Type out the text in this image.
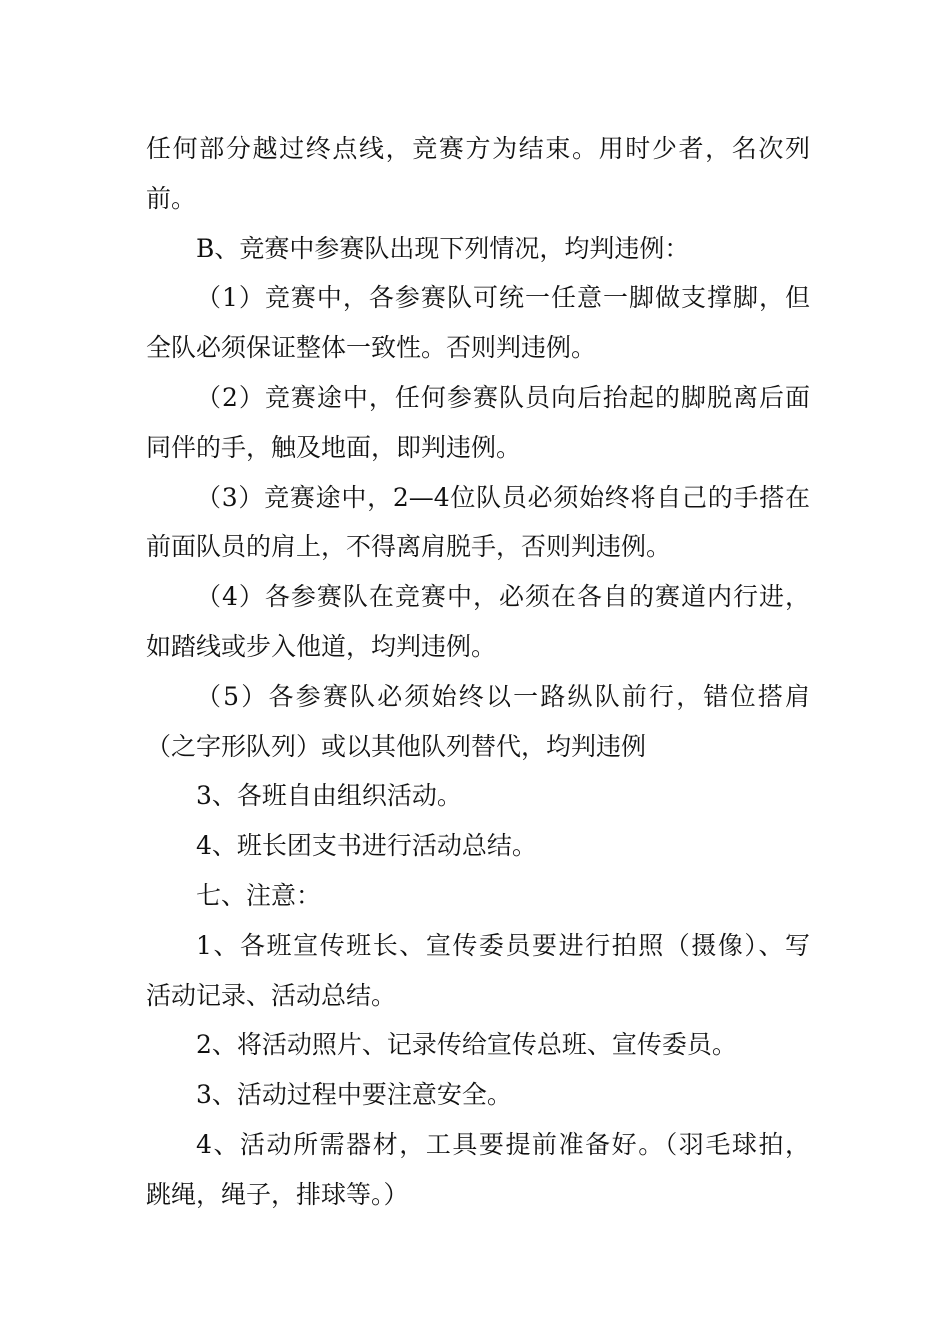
任何部分越过终点线，竞赛方为结束。用时少者，名次列
前。

B、竞赛中参赛队出现下列情况，均判违例：

（1）竞赛中，各参赛队可统一任意一脚做支撑脚，但
全队必须保证整体一致性。否则判违例。

（2）竞赛途中，任何参赛队员向后抬起的脚脱离后面
同伴的手，触及地面，即判违例。

（3）竞赛途中，2—4位队员必须始终将自己的手搭在
前面队员的肩上，不得离肩脱手，否则判违例。

（4）各参赛队在竞赛中，必须在各自的赛道内行进，
如踏线或步入他道，均判违例。

（5）各参赛队必须始终以一路纵队前行，错位搭肩
（之字形队列）或以其他队列替代，均判违例

3、各班自由组织活动。

4、班长团支书进行活动总结。

七、注意：

1、各班宣传班长、宣传委员要进行拍照（摄像）、写
活动记录、活动总结。

2、将活动照片、记录传给宣传总班、宣传委员。

3、活动过程中要注意安全。

4、活动所需器材，工具要提前准备好。（羽毛球拍，
跳绳，绳子，排球等。）
